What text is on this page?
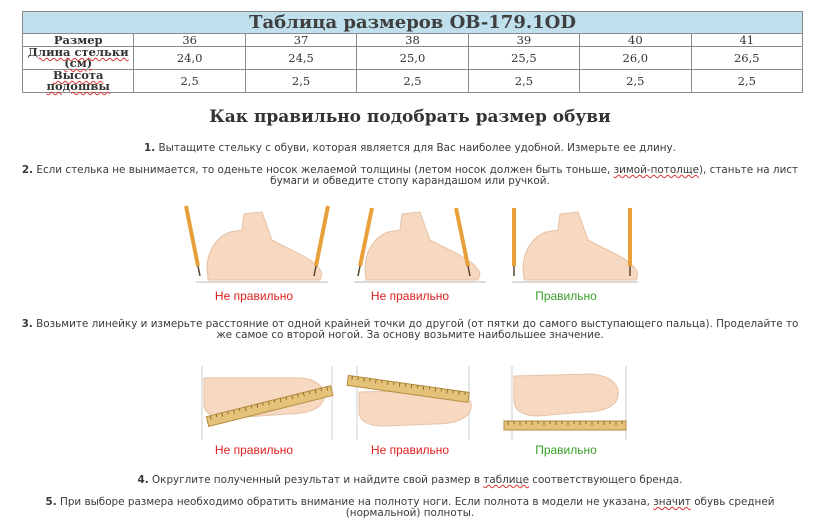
Таблица размеров OB-179.1OD						
Размер	36	37	38	39	40	41
Длина стельки (см)	24,0	24,5	25,0	25,5	26,0	26,5
Высота подошвы	2,5	2,5	2,5	2,5	2,5	2,5
Как правильно подобрать размер обуви
1. Вытащите стельку с обуви, которая является для Вас наиболее удобной. Измерьте ее длину.
2. Если стелька не вынимается, то оденьте носок желаемой толщины (летом носок должен быть тоньше, зимой-потолще), станьте на лист
бумаги и обведите стопу карандашом или ручкой.
Не правильно	Не правильно	Правильно
3. Возьмите линейку и измерьте расстояние от одной крайней точки до другой (от пятки до самого выступающего пальца). Проделайте то
же самое со второй ногой. За основу возьмите наибольшее значение.
Не правильно	Не правильно	Правильно
4. Округлите полученный результат и найдите свой размер в таблице соответствующего бренда.
5. При выборе размера необходимо обратить внимание на полноту ноги. Если полнота в модели не указана, значит обувь средней
(нормальной) полноты.
